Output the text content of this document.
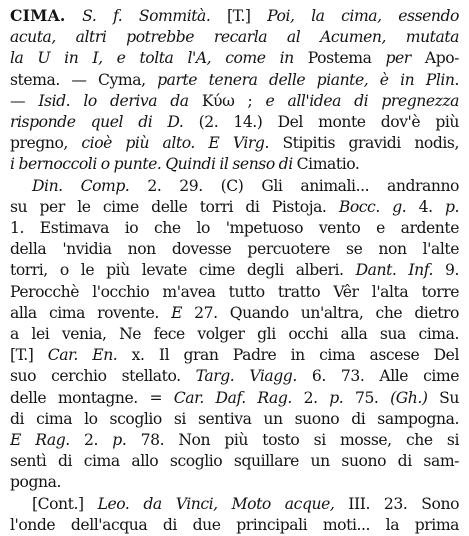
CIMA. S. f. Sommità. [T.] Poi, la cima, essendo
acuta, altri potrebbe recarla al Acumen, mutata
la U in I, e tolta l'A, come in Postema per Apo-
stema. — Cyma, parte tenera delle piante, è in Plin.
— Isid. lo deriva da Κύω ; e all'idea di pregnezza
risponde quel di D. (2. 14.) Del monte dov'è più
pregno, cioè più alto. E Virg. Stipitis gravidi nodis,
i bernoccoli o punte. Quindi il senso di Cimatio.
Din. Comp. 2. 29. (C) Gli animali... andranno
su per le cime delle torri di Pistoja. Bocc. g. 4. p.
1. Estimava io che lo 'mpetuoso vento e ardente
della 'nvidia non dovesse percuotere se non l'alte
torri, o le più levate cime degli alberi. Dant. Inf. 9.
Perocchè l'occhio m'avea tutto tratto Vêr l'alta torre
alla cima rovente. E 27. Quando un'altra, che dietro
a lei venia, Ne fece volger gli occhi alla sua cima.
[T.] Car. En. x. Il gran Padre in cima ascese Del
suo cerchio stellato. Targ. Viagg. 6. 73. Alle cime
delle montagne. = Car. Daf. Rag. 2. p. 75. (Gh.) Su
di cima lo scoglio si sentiva un suono di sampogna.
E Rag. 2. p. 78. Non più tosto si mosse, che si
sentì di cima allo scoglio squillare un suono di sam-
pogna.
[Cont.] Leo. da Vinci, Moto acque, III. 23. Sono
l'onde dell'acqua di due principali moti... la prima
